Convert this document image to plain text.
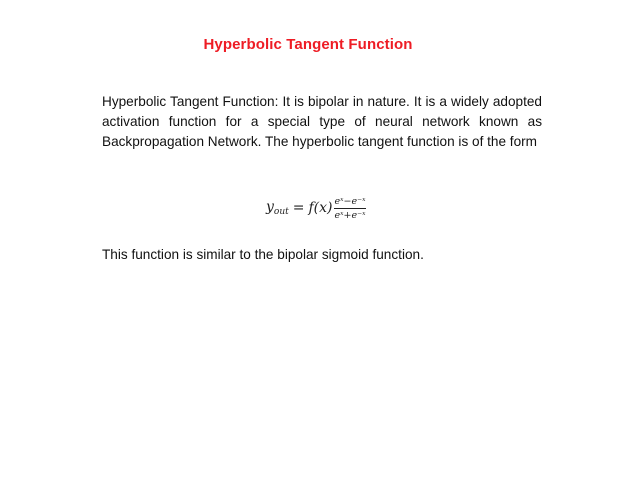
Hyperbolic Tangent Function
Hyperbolic Tangent Function: It is bipolar in nature. It is a widely adopted activation function for a special type of neural network known as Backpropagation Network. The hyperbolic tangent function is of the form
$y_{out} = f(x) \frac{\text{eˣ−e⁻ˣ}}{\text{eˣ+e⁻ˣ}}$
This function is similar to the bipolar sigmoid function.
